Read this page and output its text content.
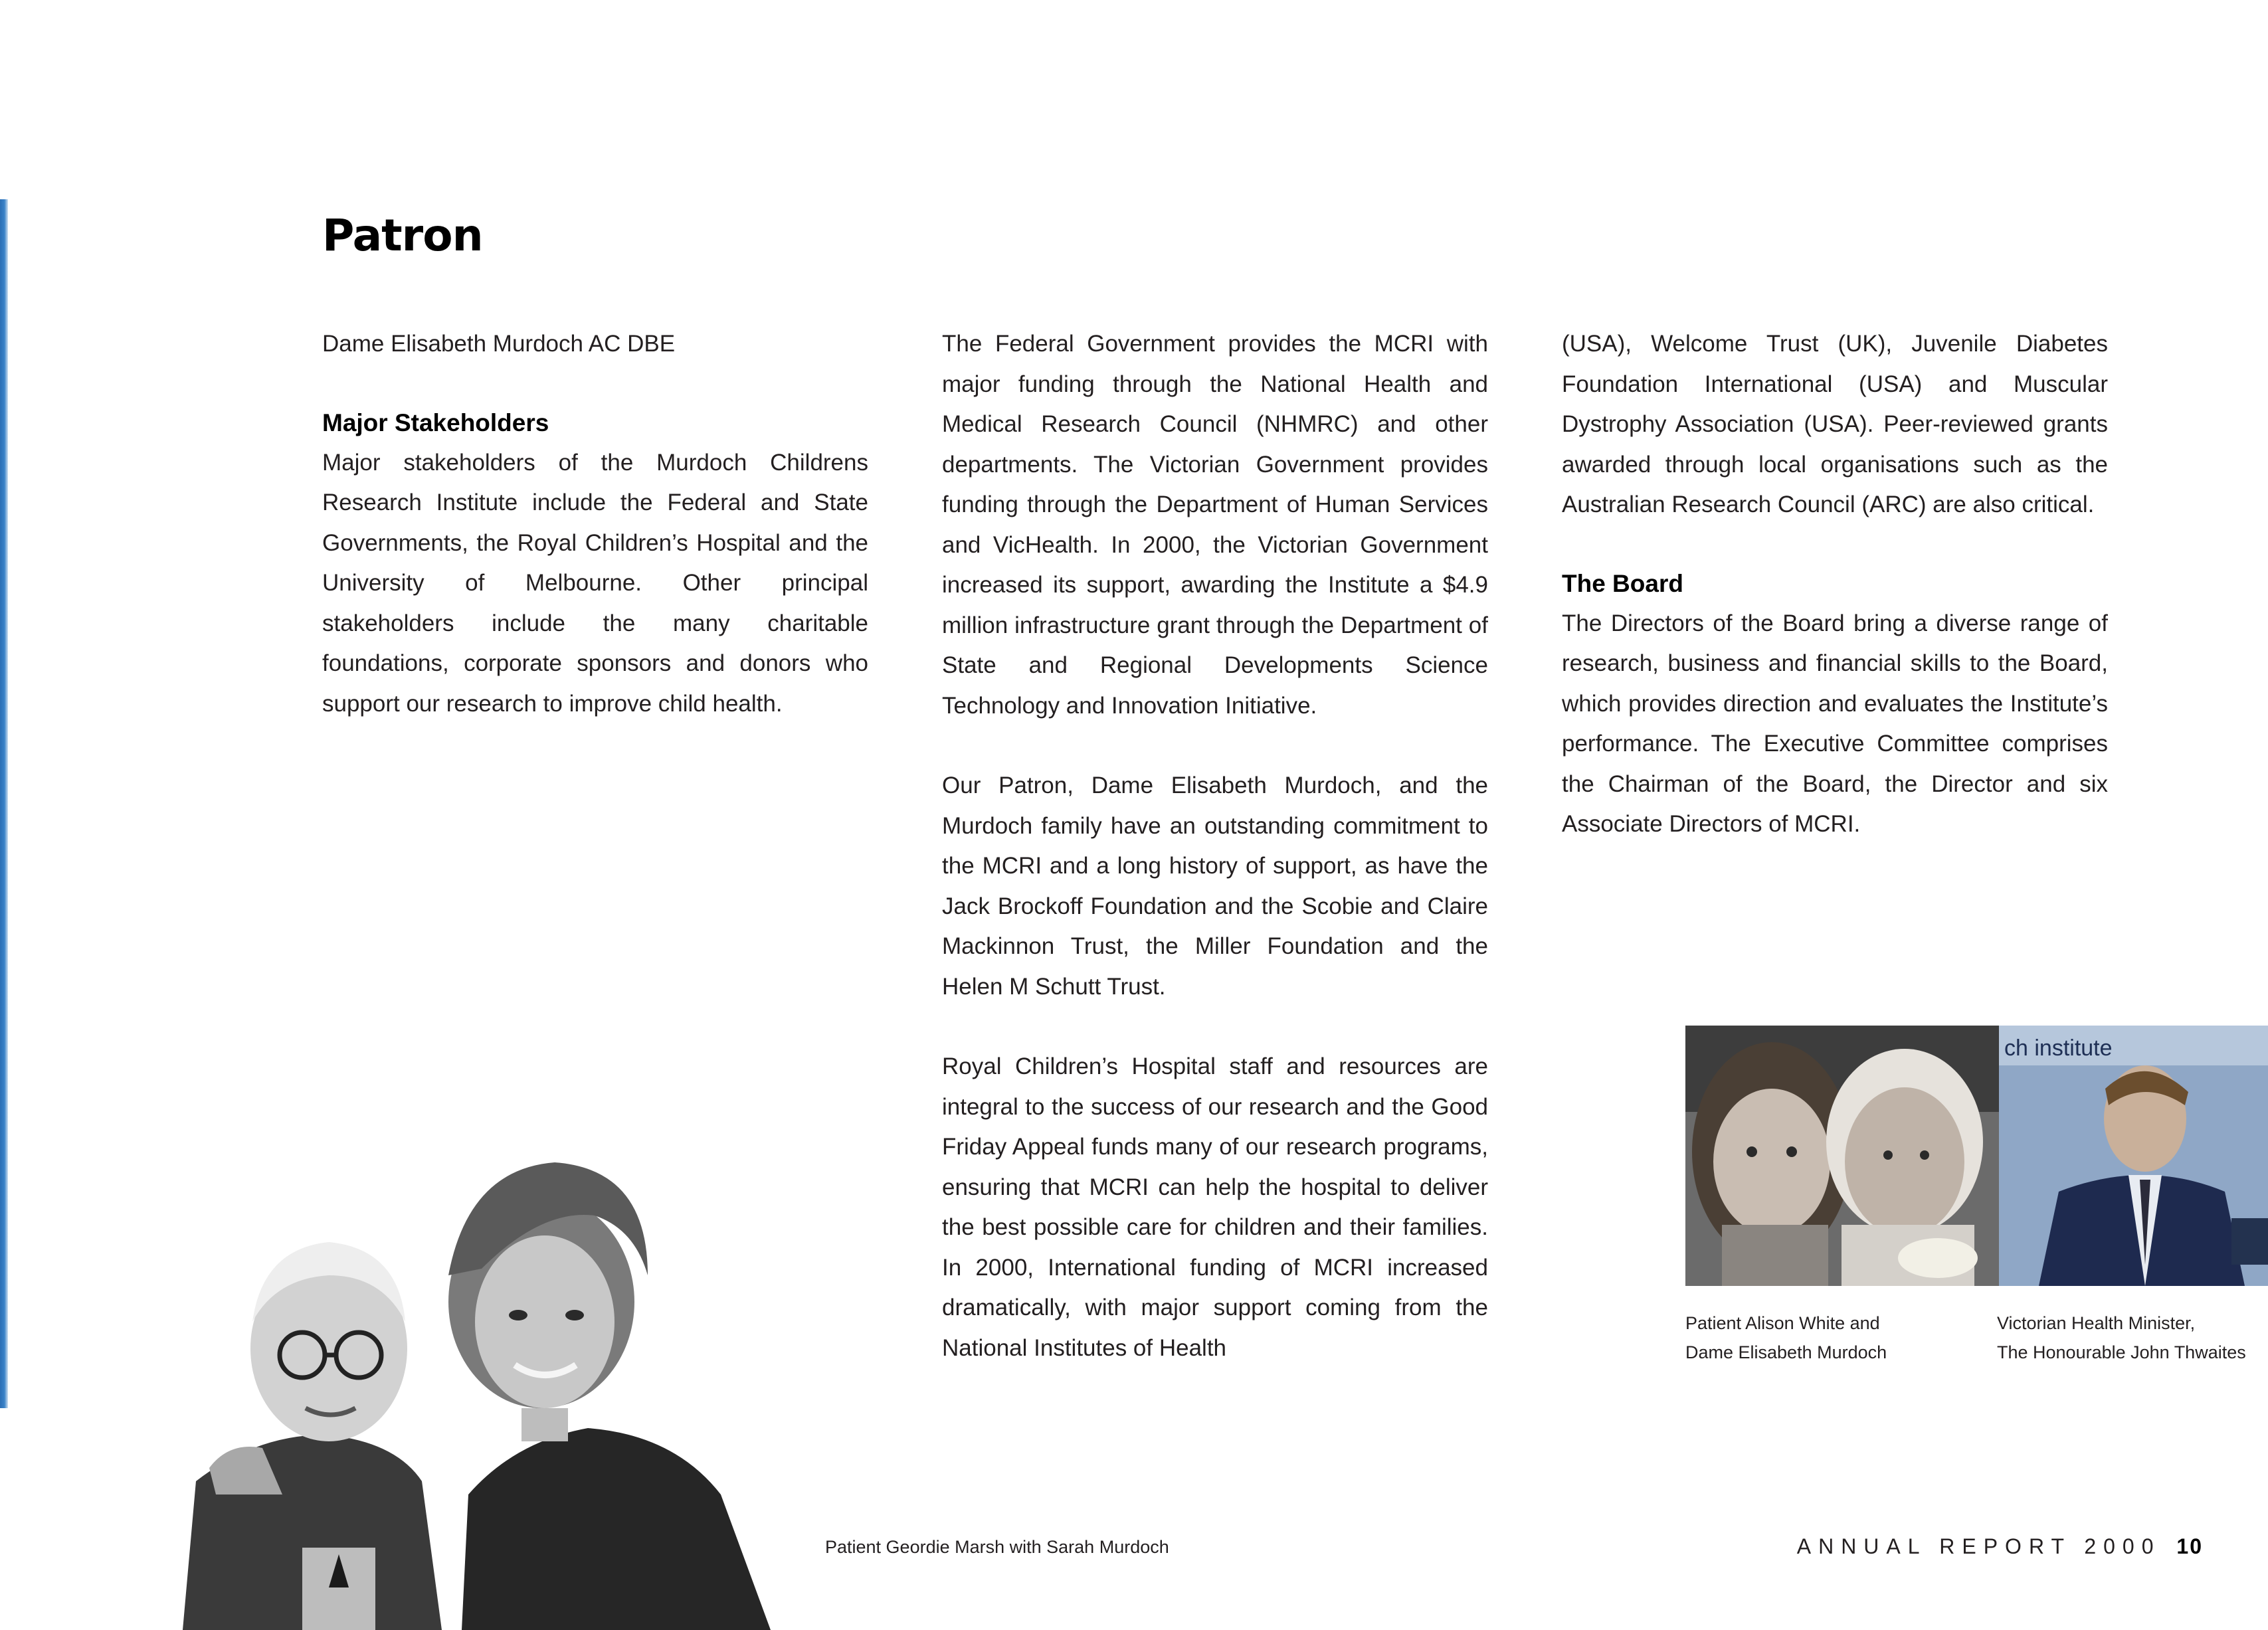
Patron

Dame Elisabeth Murdoch AC DBE

Major Stakeholders

Major stakeholders of the Murdoch Childrens Research Institute include the Federal and State Governments, the Royal Children’s Hospital and the University of Melbourne. Other principal stakeholders include the many charitable foundations, corporate sponsors and donors who support our research to improve child health.

The Federal Government provides the MCRI with major funding through the National Health and Medical Research Council (NHMRC) and other departments. The Victorian Government provides funding through the Department of Human Services and VicHealth. In 2000, the Victorian Government increased its support, awarding the Institute a $4.9 million infrastructure grant through the Department of State and Regional Developments Science Technology and Innovation Initiative.

Our Patron, Dame Elisabeth Murdoch, and the Murdoch family have an outstanding commitment to the MCRI and a long history of support, as have the Jack Brockoff Foundation and the Scobie and Claire Mackinnon Trust, the Miller Foundation and the Helen M Schutt Trust.

Royal Children’s Hospital staff and resources are integral to the success of our research and the Good Friday Appeal funds many of our research programs, ensuring that MCRI can help the hospital to deliver the best possible care for children and their families. In 2000, International funding of MCRI increased dramatically, with major support coming from the National Institutes of Health

(USA), Welcome Trust (UK), Juvenile Diabetes Foundation International (USA) and Muscular Dystrophy Association (USA). Peer-reviewed grants awarded through local organisations such as the Australian Research Council (ARC) are also critical.

The Board

The Directors of the Board bring a diverse range of research, business and financial skills to the Board, which provides direction and evaluates the Institute’s performance. The Executive Committee comprises the Chairman of the Board, the Director and six Associate Directors of MCRI.

ch institute

Patient Alison White and
Dame Elisabeth Murdoch

Victorian Health Minister,
The Honourable John Thwaites

Patient Geordie Marsh with Sarah Murdoch	ANNUAL REPORT 2000 10
